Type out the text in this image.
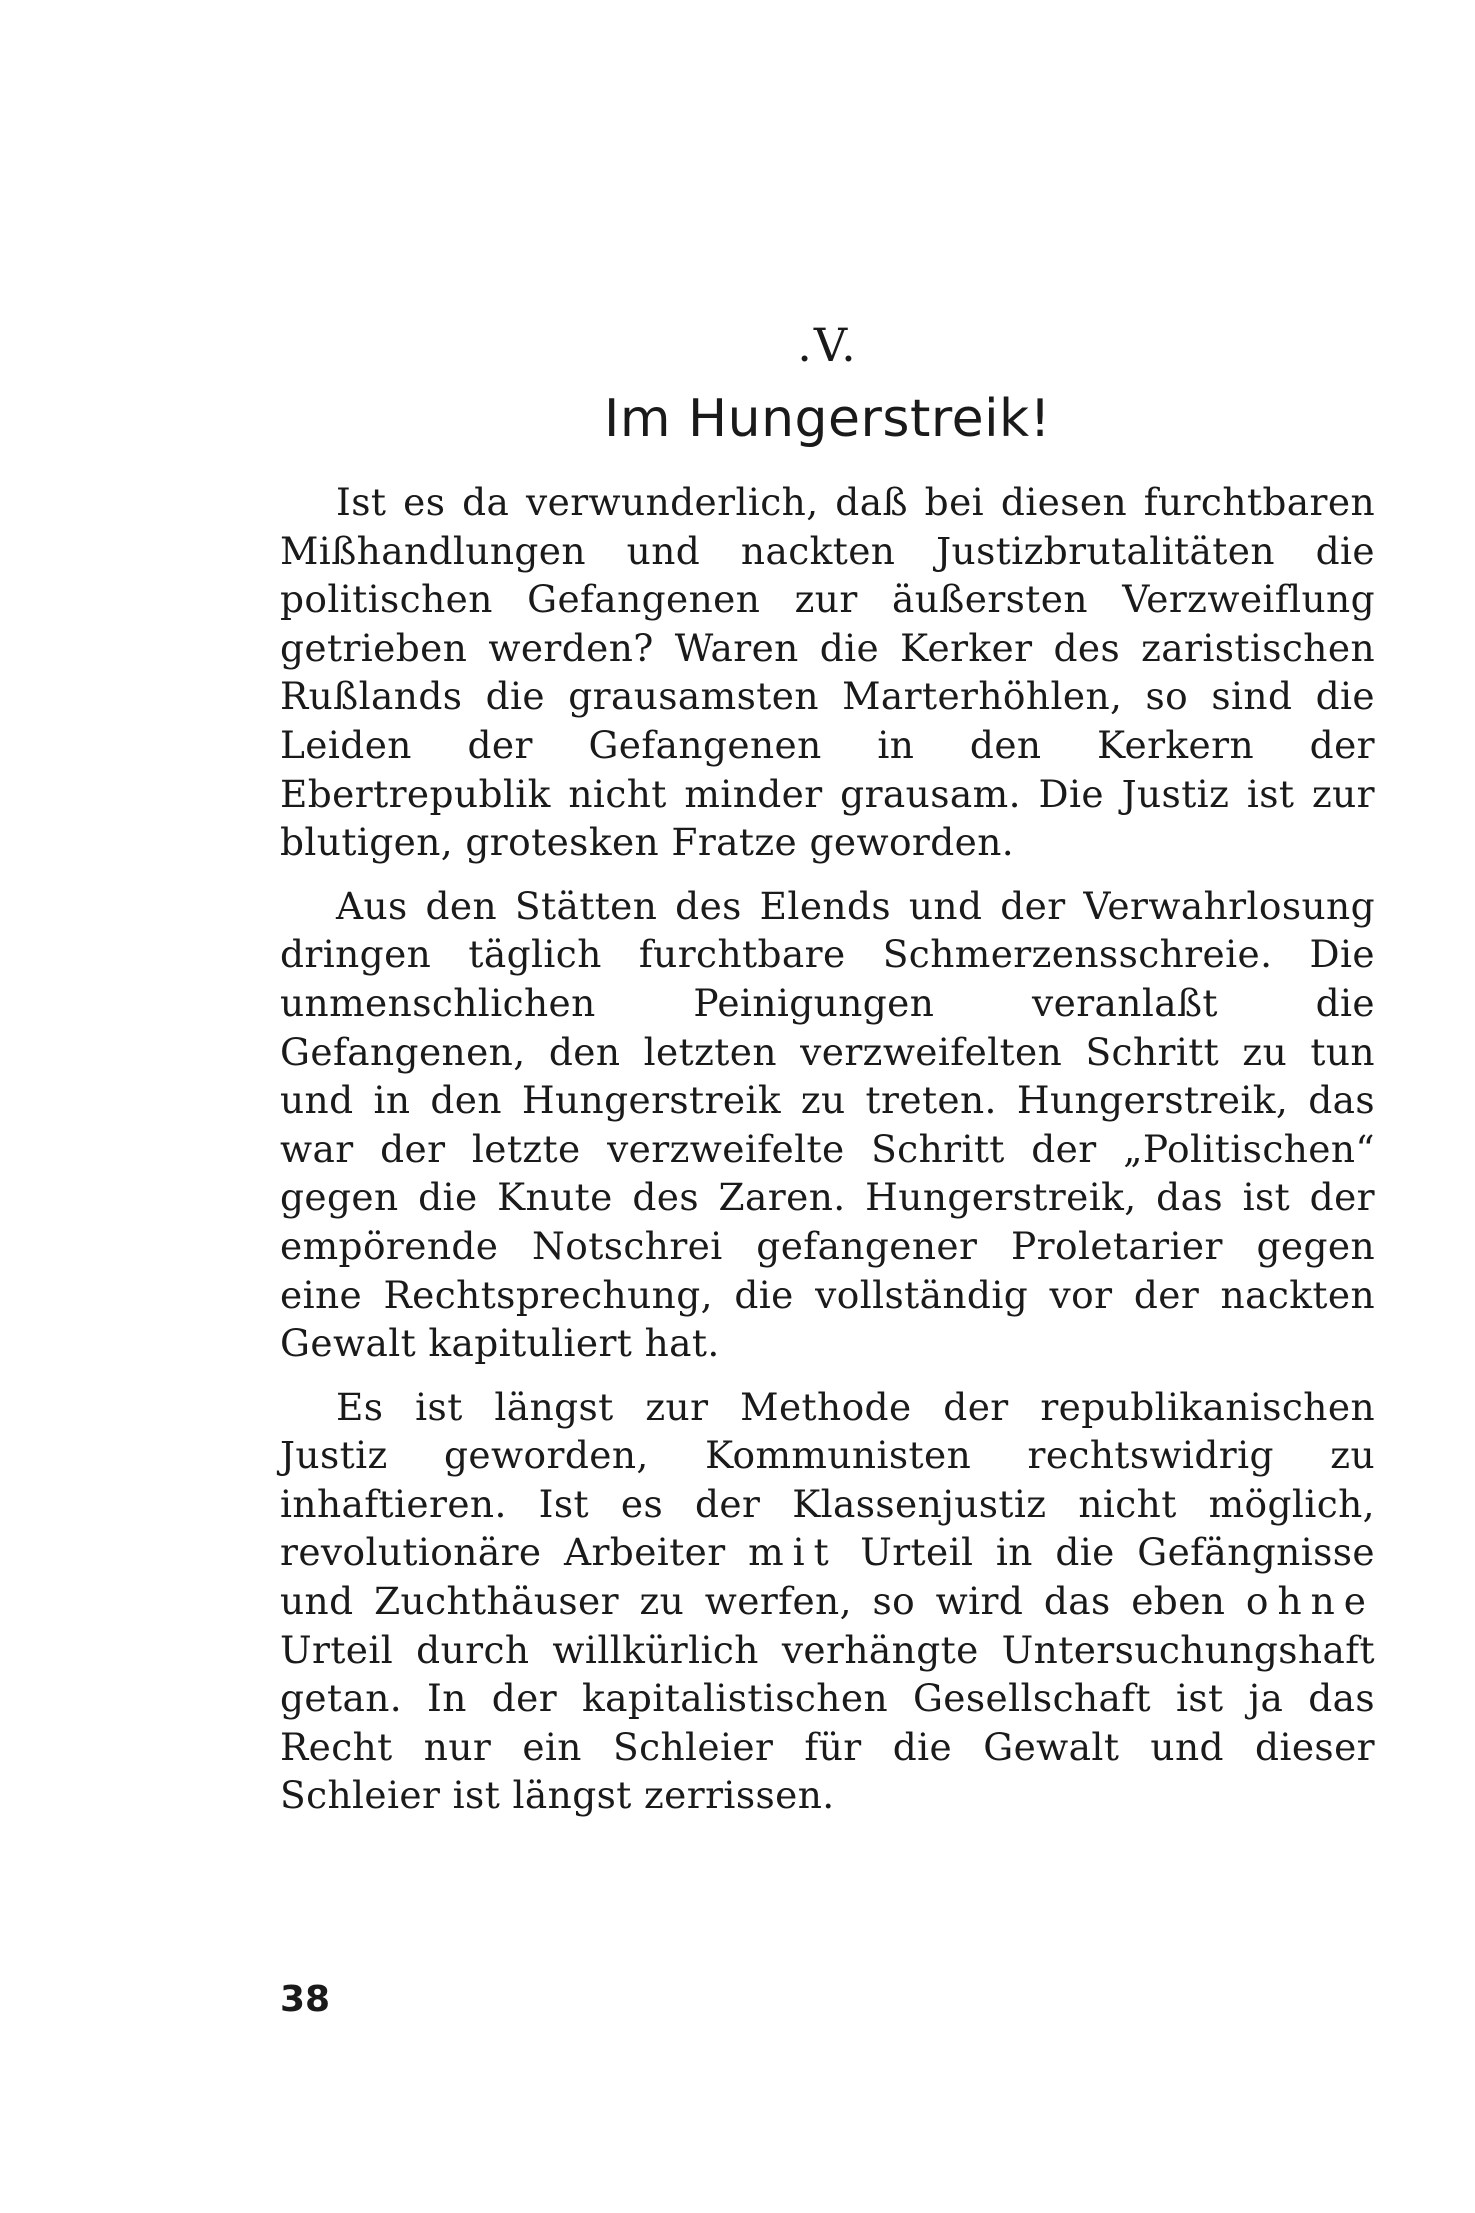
.V.
Im Hungerstreik!

Ist es da verwunderlich, daß bei diesen furchtbaren Mißhandlungen und nackten Justizbrutalitäten die politischen Gefangenen zur äußersten Verzweiflung getrieben werden? Waren die Kerker des zaristischen Rußlands die grausamsten Marterhöhlen, so sind die Leiden der Gefangenen in den Kerkern der Ebertrepublik nicht minder grausam. Die Justiz ist zur blutigen, grotesken Fratze geworden.

Aus den Stätten des Elends und der Verwahrlosung dringen täglich furchtbare Schmerzensschreie. Die unmenschlichen Peinigungen veranlaßt die Gefangenen, den letzten verzweifelten Schritt zu tun und in den Hungerstreik zu treten. Hungerstreik, das war der letzte verzweifelte Schritt der „Politischen“ gegen die Knute des Zaren. Hungerstreik, das ist der empörende Notschrei gefangener Proletarier gegen eine Rechtsprechung, die vollständig vor der nackten Gewalt kapituliert hat.

Es ist längst zur Methode der republikanischen Justiz geworden, Kommunisten rechtswidrig zu inhaftieren. Ist es der Klassenjustiz nicht möglich, revolutionäre Arbeiter mit Urteil in die Gefängnisse und Zuchthäuser zu werfen, so wird das eben ohne Urteil durch willkürlich verhängte Untersuchungshaft getan. In der kapitalistischen Gesellschaft ist ja das Recht nur ein Schleier für die Gewalt und dieser Schleier ist längst zerrissen.

38
